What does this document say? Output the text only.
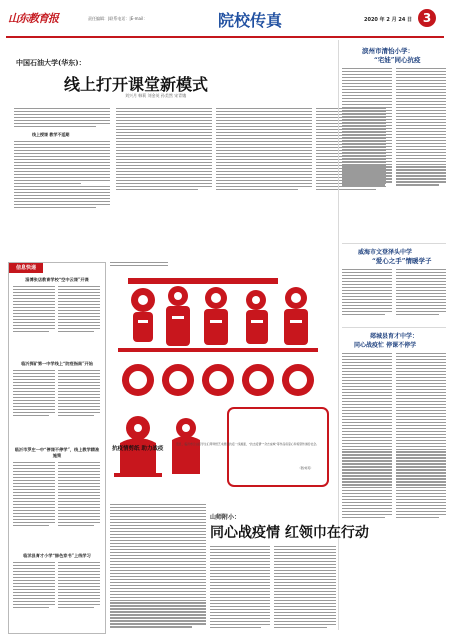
山东教育报	责任编辑：|联系电话：|E-mail：	院校传真	2020 年 2 月 24 日 3
中国石油大学(华东)：
线上打开课堂新模式
刘兴月 韩莉 刘金英 孙美然 宋青娥
线上授课 教学不延期
滨州市清怡小学：
“宅娃”同心抗疫
威海市文登泽头中学
“爱心之手”情暖学子
郯城县育才中学：
同心战疫忙 停课不停学
信息快递
淄博张店教育学校“空中云课”开课
临沂探矿第一中学线上“防疫指南”开始
临沂市罗庄一中“停课不停学”，线上教学精准施策
临沭县育才小学“绿色家书”上线学习
抗疫情剪纸 助力战疫
近日，临沂市兰山区学生们用剪纸艺术展现抗疫一线画面，“抗击疫情”“众志成城”等作品将爱心和希望传递给社会。
（图/刘英）
山师附小：
同心战疫情 红领巾在行动
